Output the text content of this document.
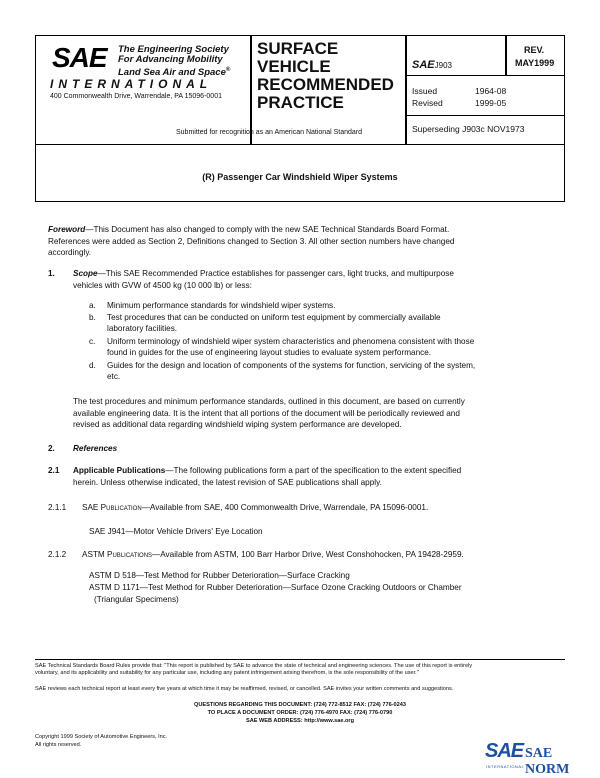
SAE The Engineering Society
For Advancing Mobility
Land Sea Air and Space®
INTERNATIONAL
400 Commonwealth Drive, Warrendale, PA 15096-0001
SURFACE
VEHICLE
RECOMMENDED
PRACTICE
Submitted for recognition as an American National Standard
SAEJ903
REV.
MAY1999
Issued	1964-08
Revised	1999-05
Superseding J903c NOV1973
(R) Passenger Car Windshield Wiper Systems
Foreword—This Document has also changed to comply with the new SAE Technical Standards Board Format.
References were added as Section 2, Definitions changed to Section 3. All other section numbers have changed
accordingly.
1. Scope—This SAE Recommended Practice establishes for passenger cars, light trucks, and multipurpose
vehicles with GVW of 4500 kg (10 000 lb) or less:
a. Minimum performance standards for windshield wiper systems.
b. Test procedures that can be conducted on uniform test equipment by commercially available
laboratory facilities.
c. Uniform terminology of windshield wiper system characteristics and phenomena consistent with those
found in guides for the use of engineering layout studies to evaluate system performance.
d. Guides for the design and location of components of the systems for function, servicing of the system,
etc.
The test procedures and minimum performance standards, outlined in this document, are based on currently
available engineering data. It is the intent that all portions of the document will be periodically reviewed and
revised as additional data regarding windshield wiping system performance are developed.
2. References
2.1 Applicable Publications—The following publications form a part of the specification to the extent specified
herein. Unless otherwise indicated, the latest revision of SAE publications shall apply.
2.1.1 SAE Publication—Available from SAE, 400 Commonwealth Drive, Warrendale, PA 15096-0001.
SAE J941—Motor Vehicle Drivers' Eye Location
2.1.2 ASTM Publications—Available from ASTM, 100 Barr Harbor Drive, West Conshohocken, PA 19428-2959.
ASTM D 518—Test Method for Rubber Deterioration—Surface Cracking
ASTM D 1171—Test Method for Rubber Deterioration—Surface Ozone Cracking Outdoors or Chamber
(Triangular Specimens)
SAE Technical Standards Board Rules provide that: "This report is published by SAE to advance the state of technical and engineering sciences. The use of this report is entirely
voluntary, and its applicability and suitability for any particular use, including any patent infringement arising therefrom, is the sole responsibility of the user."
SAE reviews each technical report at least every five years at which time it may be reaffirmed, revised, or cancelled. SAE invites your written comments and suggestions.
QUESTIONS REGARDING THIS DOCUMENT: (724) 772-8512 FAX: (724) 776-0243
TO PLACE A DOCUMENT ORDER: (724) 776-4970 FAX: (724) 776-0790
SAE WEB ADDRESS: http://www.sae.org
Copyright 1999 Society of Automotive Engineers, Inc.
All rights reserved.	SAE SAE NORM
INTERNATIONAL
